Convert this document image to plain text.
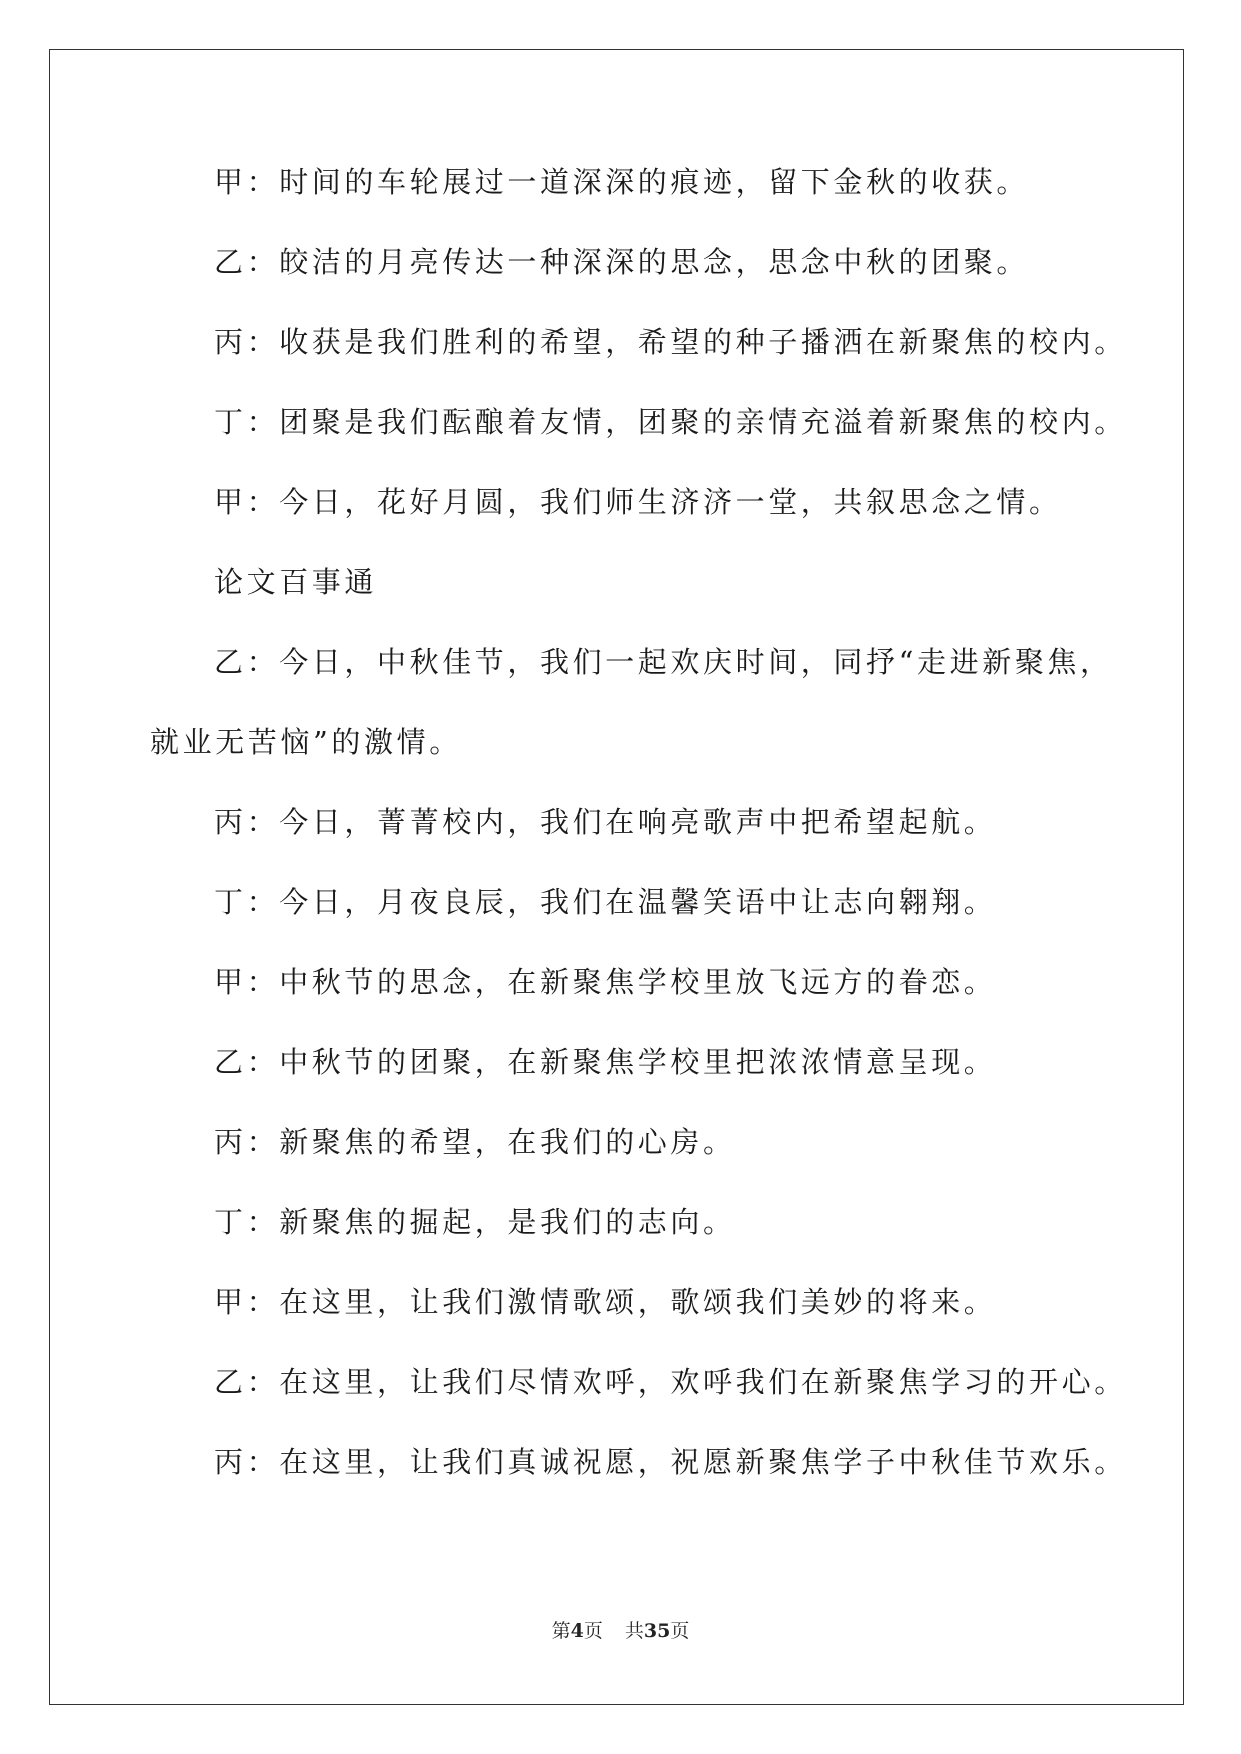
甲：时间的车轮展过一道深深的痕迹，留下金秋的收获。

乙：皎洁的月亮传达一种深深的思念，思念中秋的团聚。

丙：收获是我们胜利的希望，希望的种子播洒在新聚焦的校内。

丁：团聚是我们酝酿着友情，团聚的亲情充溢着新聚焦的校内。

甲：今日，花好月圆，我们师生济济一堂，共叙思念之情。

论文百事通

乙：今日，中秋佳节，我们一起欢庆时间，同抒“走进新聚焦，

就业无苦恼”的激情。

丙：今日，菁菁校内，我们在响亮歌声中把希望起航。

丁：今日，月夜良辰，我们在温馨笑语中让志向翱翔。

甲：中秋节的思念，在新聚焦学校里放飞远方的眷恋。

乙：中秋节的团聚，在新聚焦学校里把浓浓情意呈现。

丙：新聚焦的希望，在我们的心房。

丁：新聚焦的掘起，是我们的志向。

甲：在这里，让我们激情歌颂，歌颂我们美妙的将来。

乙：在这里，让我们尽情欢呼，欢呼我们在新聚焦学习的开心。

丙：在这里，让我们真诚祝愿，祝愿新聚焦学子中秋佳节欢乐。

第4页 共35页
